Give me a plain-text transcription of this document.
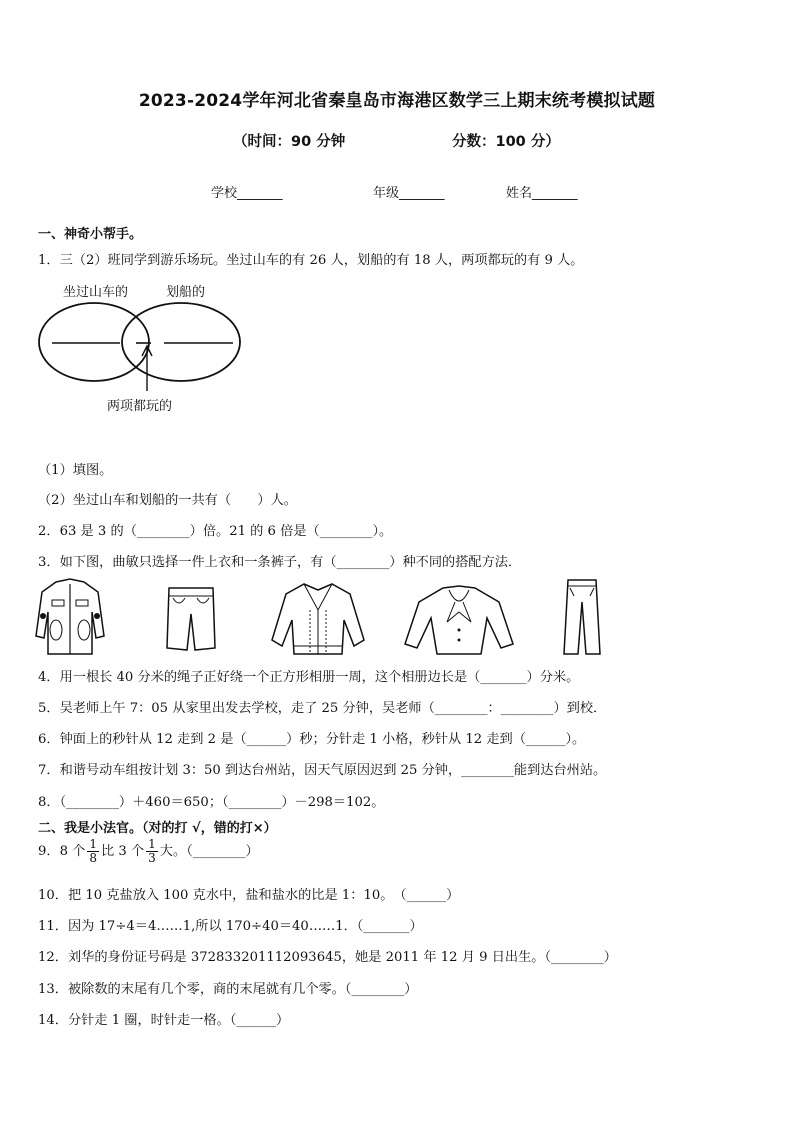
2023-2024学年河北省秦皇岛市海港区数学三上期末统考模拟试题
（时间：90 分钟	分数：100 分）
学校_______	年级_______	姓名_______
一、神奇小帮手。
1．三（2）班同学到游乐场玩。坐过山车的有 26 人，划船的有 18 人，两项都玩的有 9 人。
坐过山车的	划船的
两项都玩的
（1）填图。
（2）坐过山车和划船的一共有（　　）人。
2．63 是 3 的（________）倍。21 的 6 倍是（________）。
3．如下图，曲敏只选择一件上衣和一条裤子，有（________）种不同的搭配方法．
4．用一根长 40 分米的绳子正好绕一个正方形相册一周，这个相册边长是（_______）分米。
5．吴老师上午 7：05 从家里出发去学校，走了 25 分钟，吴老师（________：________）到校．
6．钟面上的秒针从 12 走到 2 是（______）秒；分针走 1 小格，秒针从 12 走到（______）。
7．和谐号动车组按计划 3：50 到达台州站，因天气原因迟到 25 分钟，________能到达台州站。
8．（________）＋460＝650；（________）－298＝102。
二、我是小法官。（对的打 √，错的打×）
9．8 个 $\frac{1}{8}$ 比 3 个 $\frac{1}{3}$ 大。（________）
10．把 10 克盐放入 100 克水中，盐和盐水的比是 1：10。　（______）
11．因为 17÷4＝4……1,所以 170÷40＝40……1．（_______）
12．刘华的身份证号码是 372833201112093645，她是 2011 年 12 月 9 日出生。（________）
13．被除数的末尾有几个零，商的末尾就有几个零。（________）
14．分针走 1 圈，时针走一格。（______）
